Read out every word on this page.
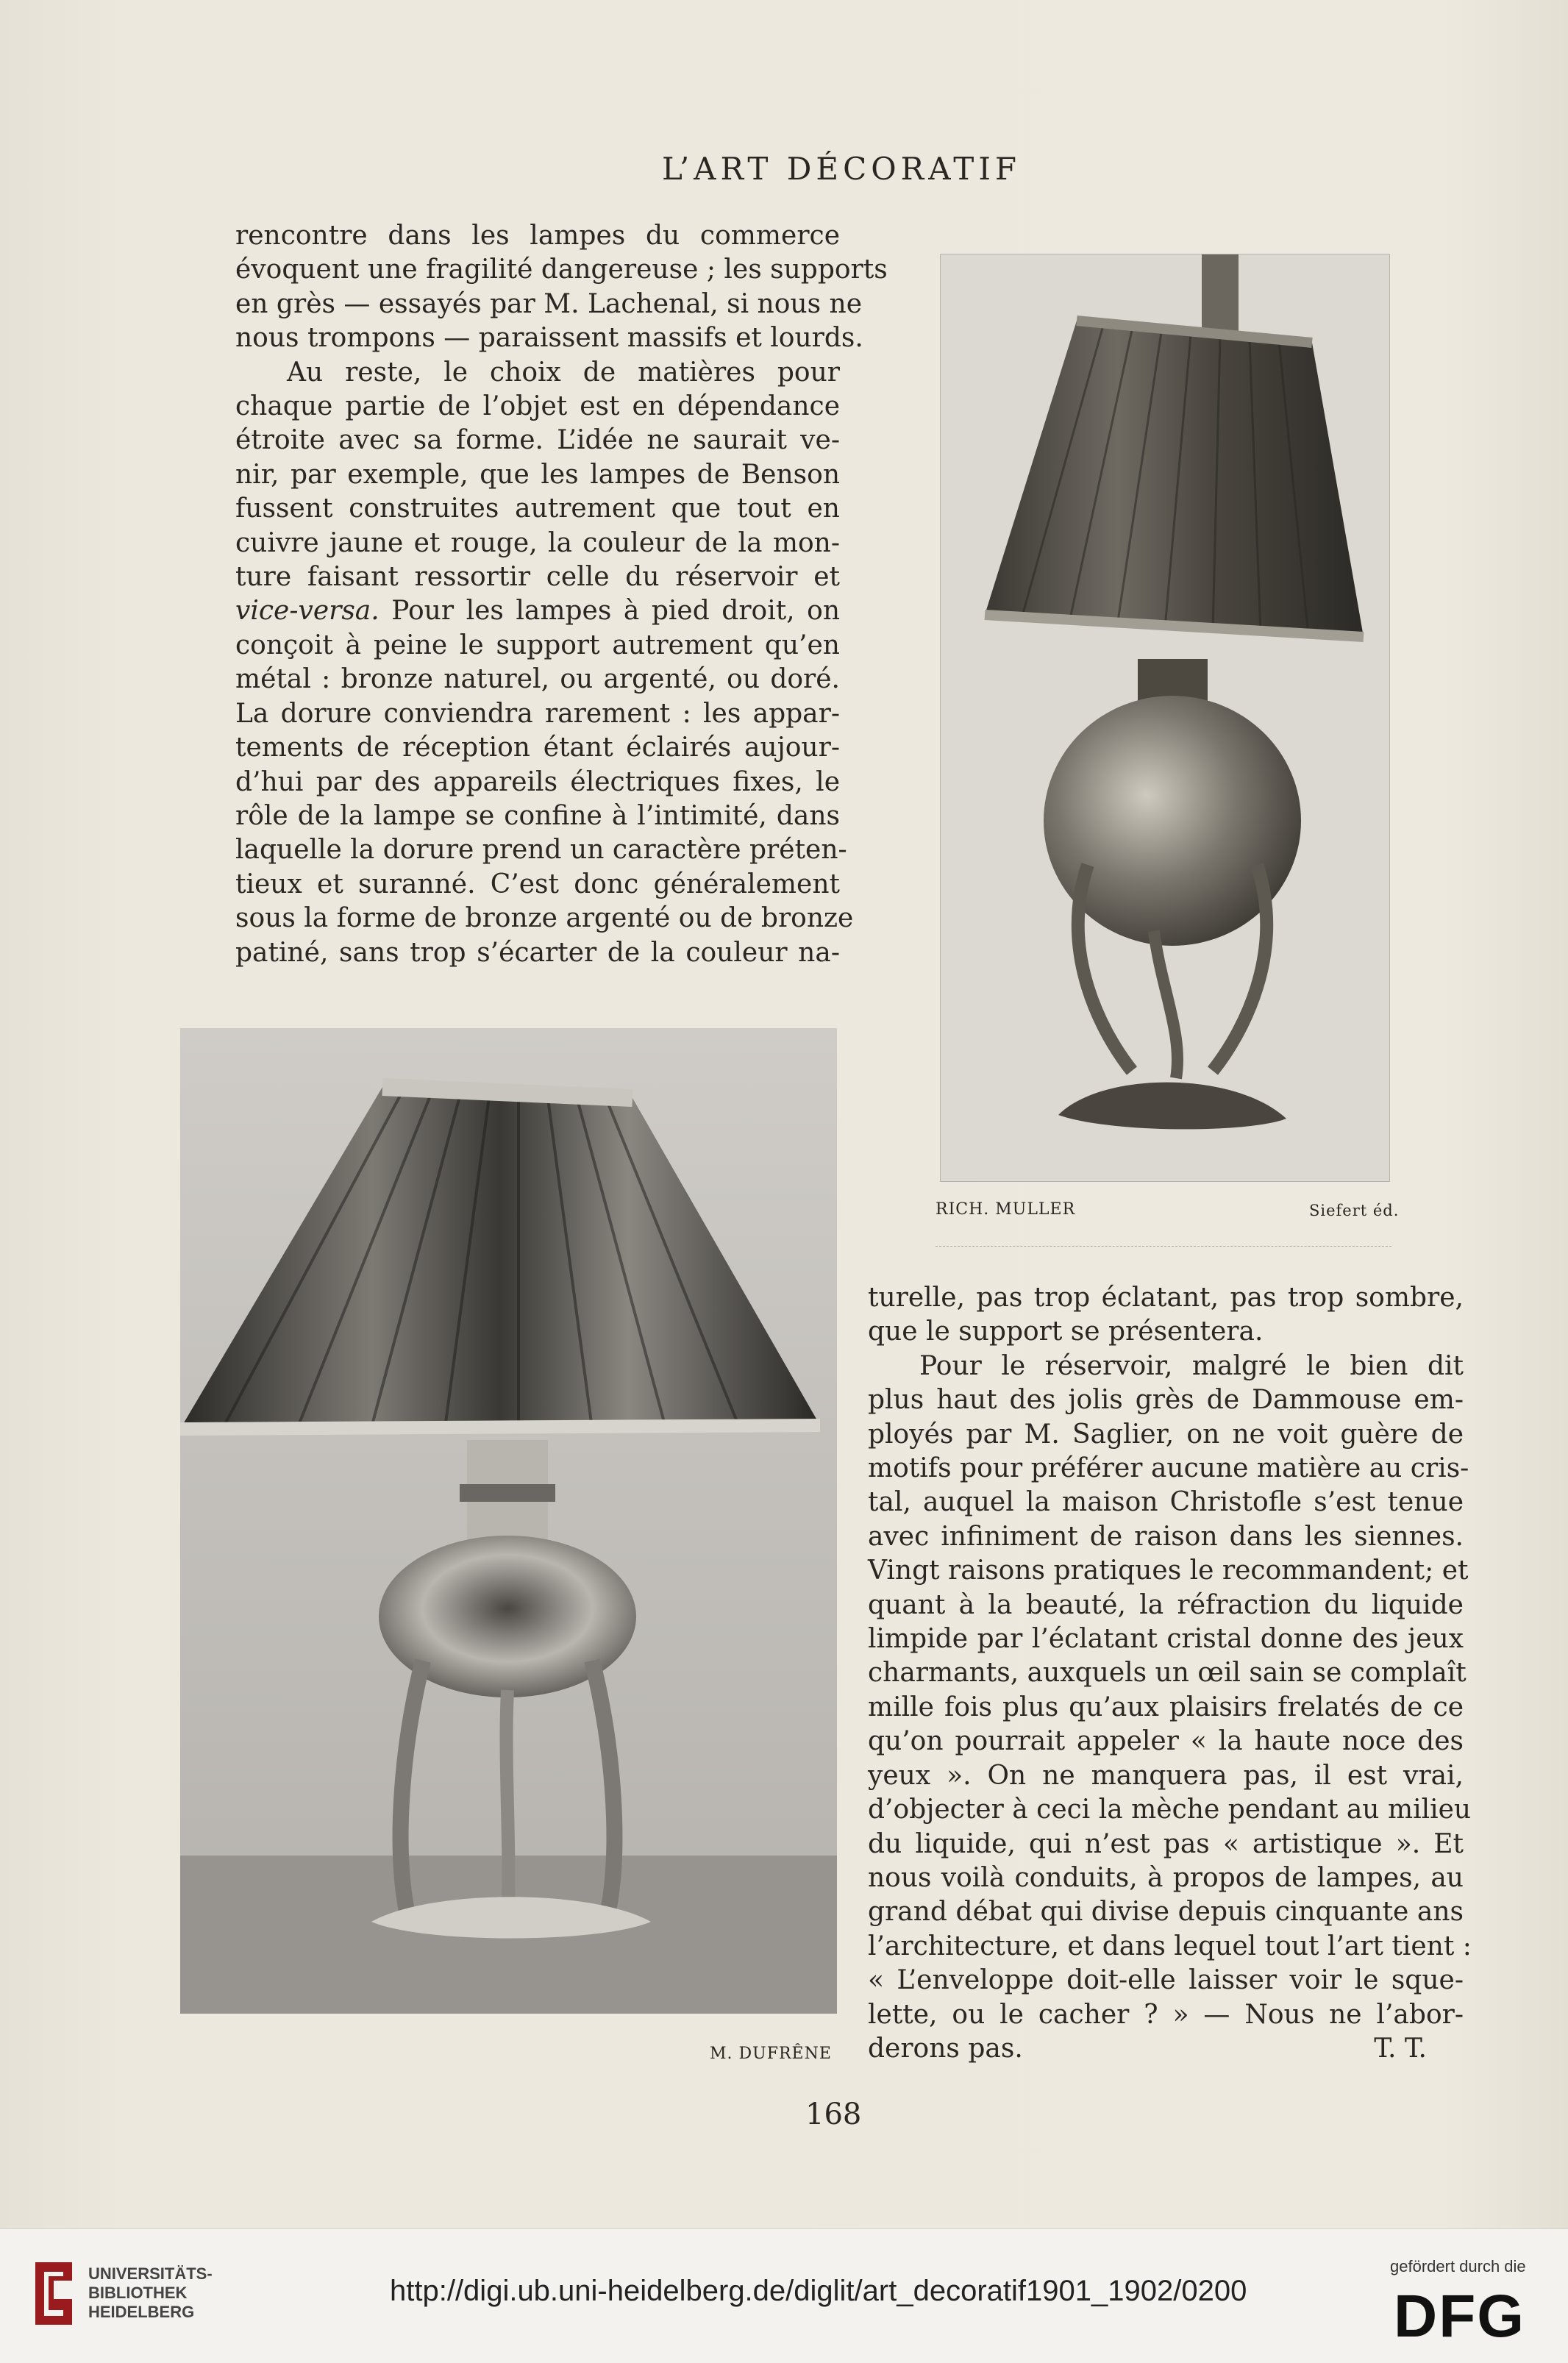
L’ART DÉCORATIF
rencontre dans les lampes du commerce
évoquent une fragilité dangereuse ; les supports
en grès — essayés par M. Lachenal, si nous ne
nous trompons — paraissent massifs et lourds.
Au reste, le choix de matières pour
chaque partie de l’objet est en dépendance
étroite avec sa forme. L’idée ne saurait ve-
nir, par exemple, que les lampes de Benson
fussent construites autrement que tout en
cuivre jaune et rouge, la couleur de la mon-
ture faisant ressortir celle du réservoir et
vice-versa. Pour les lampes à pied droit, on
conçoit à peine le support autrement qu’en
métal : bronze naturel, ou argenté, ou doré.
La dorure conviendra rarement : les appar-
tements de réception étant éclairés aujour-
d’hui par des appareils électriques fixes, le
rôle de la lampe se confine à l’intimité, dans
laquelle la dorure prend un caractère préten-
tieux et suranné. C’est donc généralement
sous la forme de bronze argenté ou de bronze
patiné, sans trop s’écarter de la couleur na-
RICH. MULLER	Siefert éd.
M. DUFRÊNE
turelle, pas trop éclatant, pas trop sombre,
que le support se présentera.
Pour le réservoir, malgré le bien dit
plus haut des jolis grès de Dammouse em-
ployés par M. Saglier, on ne voit guère de
motifs pour préférer aucune matière au cris-
tal, auquel la maison Christofle s’est tenue
avec infiniment de raison dans les siennes.
Vingt raisons pratiques le recommandent; et
quant à la beauté, la réfraction du liquide
limpide par l’éclatant cristal donne des jeux
charmants, auxquels un œil sain se complaît
mille fois plus qu’aux plaisirs frelatés de ce
qu’on pourrait appeler « la haute noce des
yeux ». On ne manquera pas, il est vrai,
d’objecter à ceci la mèche pendant au milieu
du liquide, qui n’est pas « artistique ». Et
nous voilà conduits, à propos de lampes, au
grand débat qui divise depuis cinquante ans
l’architecture, et dans lequel tout l’art tient :
« L’enveloppe doit-elle laisser voir le sque-
lette, ou le cacher ? » — Nous ne l’abor-
derons pas.	T. T.
168
UNIVERSITÄTS-
BIBLIOTHEK
HEIDELBERG
http://digi.ub.uni-heidelberg.de/diglit/art_decoratif1901_1902/0200
gefördert durch die
DFG
